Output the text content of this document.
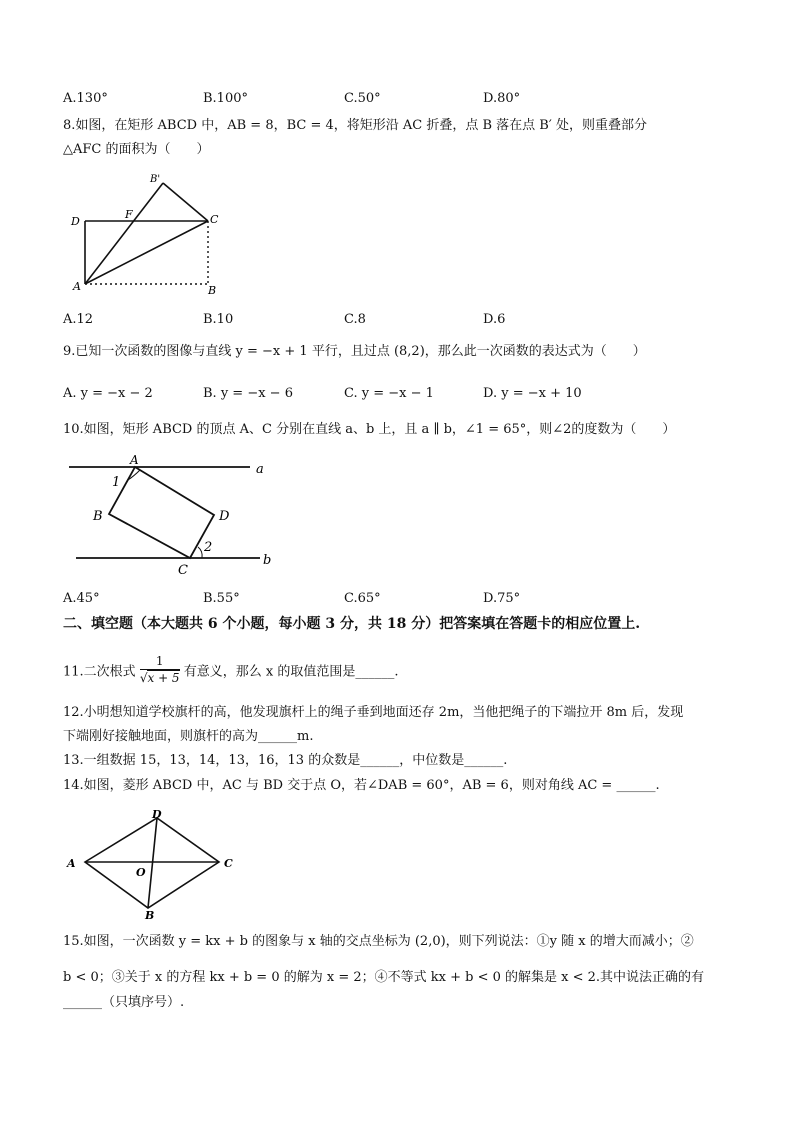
A.130°	B.100°	C.50°	D.80°
8.如图，在矩形 ABCD 中，AB = 8，BC = 4，将矩形沿 AC 折叠，点 B 落在点 B′ 处，则重叠部分
△AFC 的面积为（　　）
B'
D
F	C
A	B
A.12	B.10	C.8	D.6
9.已知一次函数的图像与直线 y = −x + 1 平行，且过点 (8,2)，那么此一次函数的表达式为（　　）
A. y = −x − 2	B. y = −x − 6	C. y = −x − 1	D. y = −x + 10
10.如图，矩形 ABCD 的顶点 A、C 分别在直线 a、b 上，且 a ∥ b，∠1 = 65°，则∠2的度数为（　　）
A
a
1
B	D
2
C
b
A.45°	B.55°	C.65°	D.75°
二、填空题（本大题共 6 个小题，每小题 3 分，共 18 分）把答案填在答题卡的相应位置上.
11.二次根式 $\frac{1}{√x + 5}$ 有意义，那么 x 的取值范围是______.
12.小明想知道学校旗杆的高，他发现旗杆上的绳子垂到地面还存 2m，当他把绳子的下端拉开 8m 后，发现
下端刚好接触地面，则旗杆的高为______m.
13.一组数据 15，13，14，13，16，13 的众数是______，中位数是______.
14.如图，菱形 ABCD 中，AC 与 BD 交于点 O，若∠DAB = 60°，AB = 6，则对角线 AC = ______.
D
A
O
C
B
15.如图，一次函数 y = kx + b 的图象与 x 轴的交点坐标为 (2,0)，则下列说法：①y 随 x 的增大而减小；②
b < 0；③关于 x 的方程 kx + b = 0 的解为 x = 2；④不等式 kx + b < 0 的解集是 x < 2.其中说法正确的有
______（只填序号）.
